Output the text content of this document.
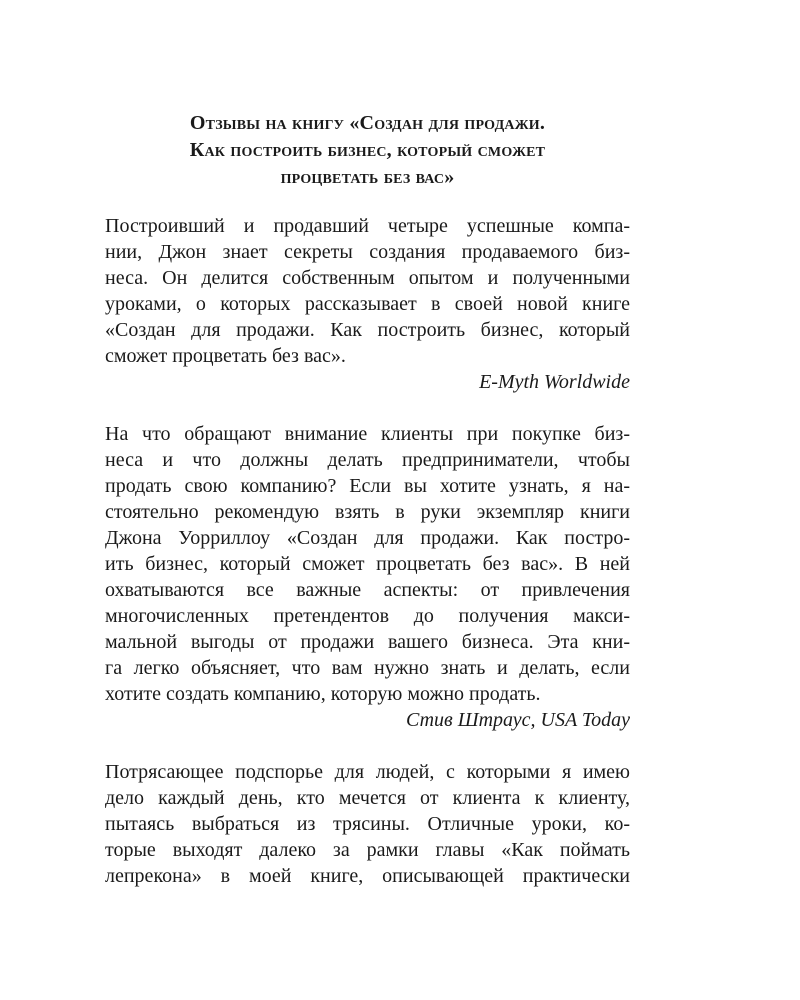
Отзывы на книгу «Создан для продажи.
Как построить бизнес, который сможет
процветать без вас»
Построивший и продавший четыре успешные компа-
нии, Джон знает секреты создания продаваемого биз-
неса. Он делится собственным опытом и полученными
уроками, о которых рассказывает в своей новой книге
«Создан для продажи. Как построить бизнес, который
сможет процветать без вас».
E-Myth Worldwide
На что обращают внимание клиенты при покупке биз-
неса и что должны делать предприниматели, чтобы
продать свою компанию? Если вы хотите узнать, я на-
стоятельно рекомендую взять в руки экземпляр книги
Джона Уорриллоу «Создан для продажи. Как постро-
ить бизнес, который сможет процветать без вас». В ней
охватываются все важные аспекты: от привлечения
многочисленных претендентов до получения макси-
мальной выгоды от продажи вашего бизнеса. Эта кни-
га легко объясняет, что вам нужно знать и делать, если
хотите создать компанию, которую можно продать.
Стив Штраус, USA Today
Потрясающее подспорье для людей, с которыми я имею
дело каждый день, кто мечется от клиента к клиенту,
пытаясь выбраться из трясины. Отличные уроки, ко-
торые выходят далеко за рамки главы «Как поймать
лепрекона» в моей книге, описывающей практически
